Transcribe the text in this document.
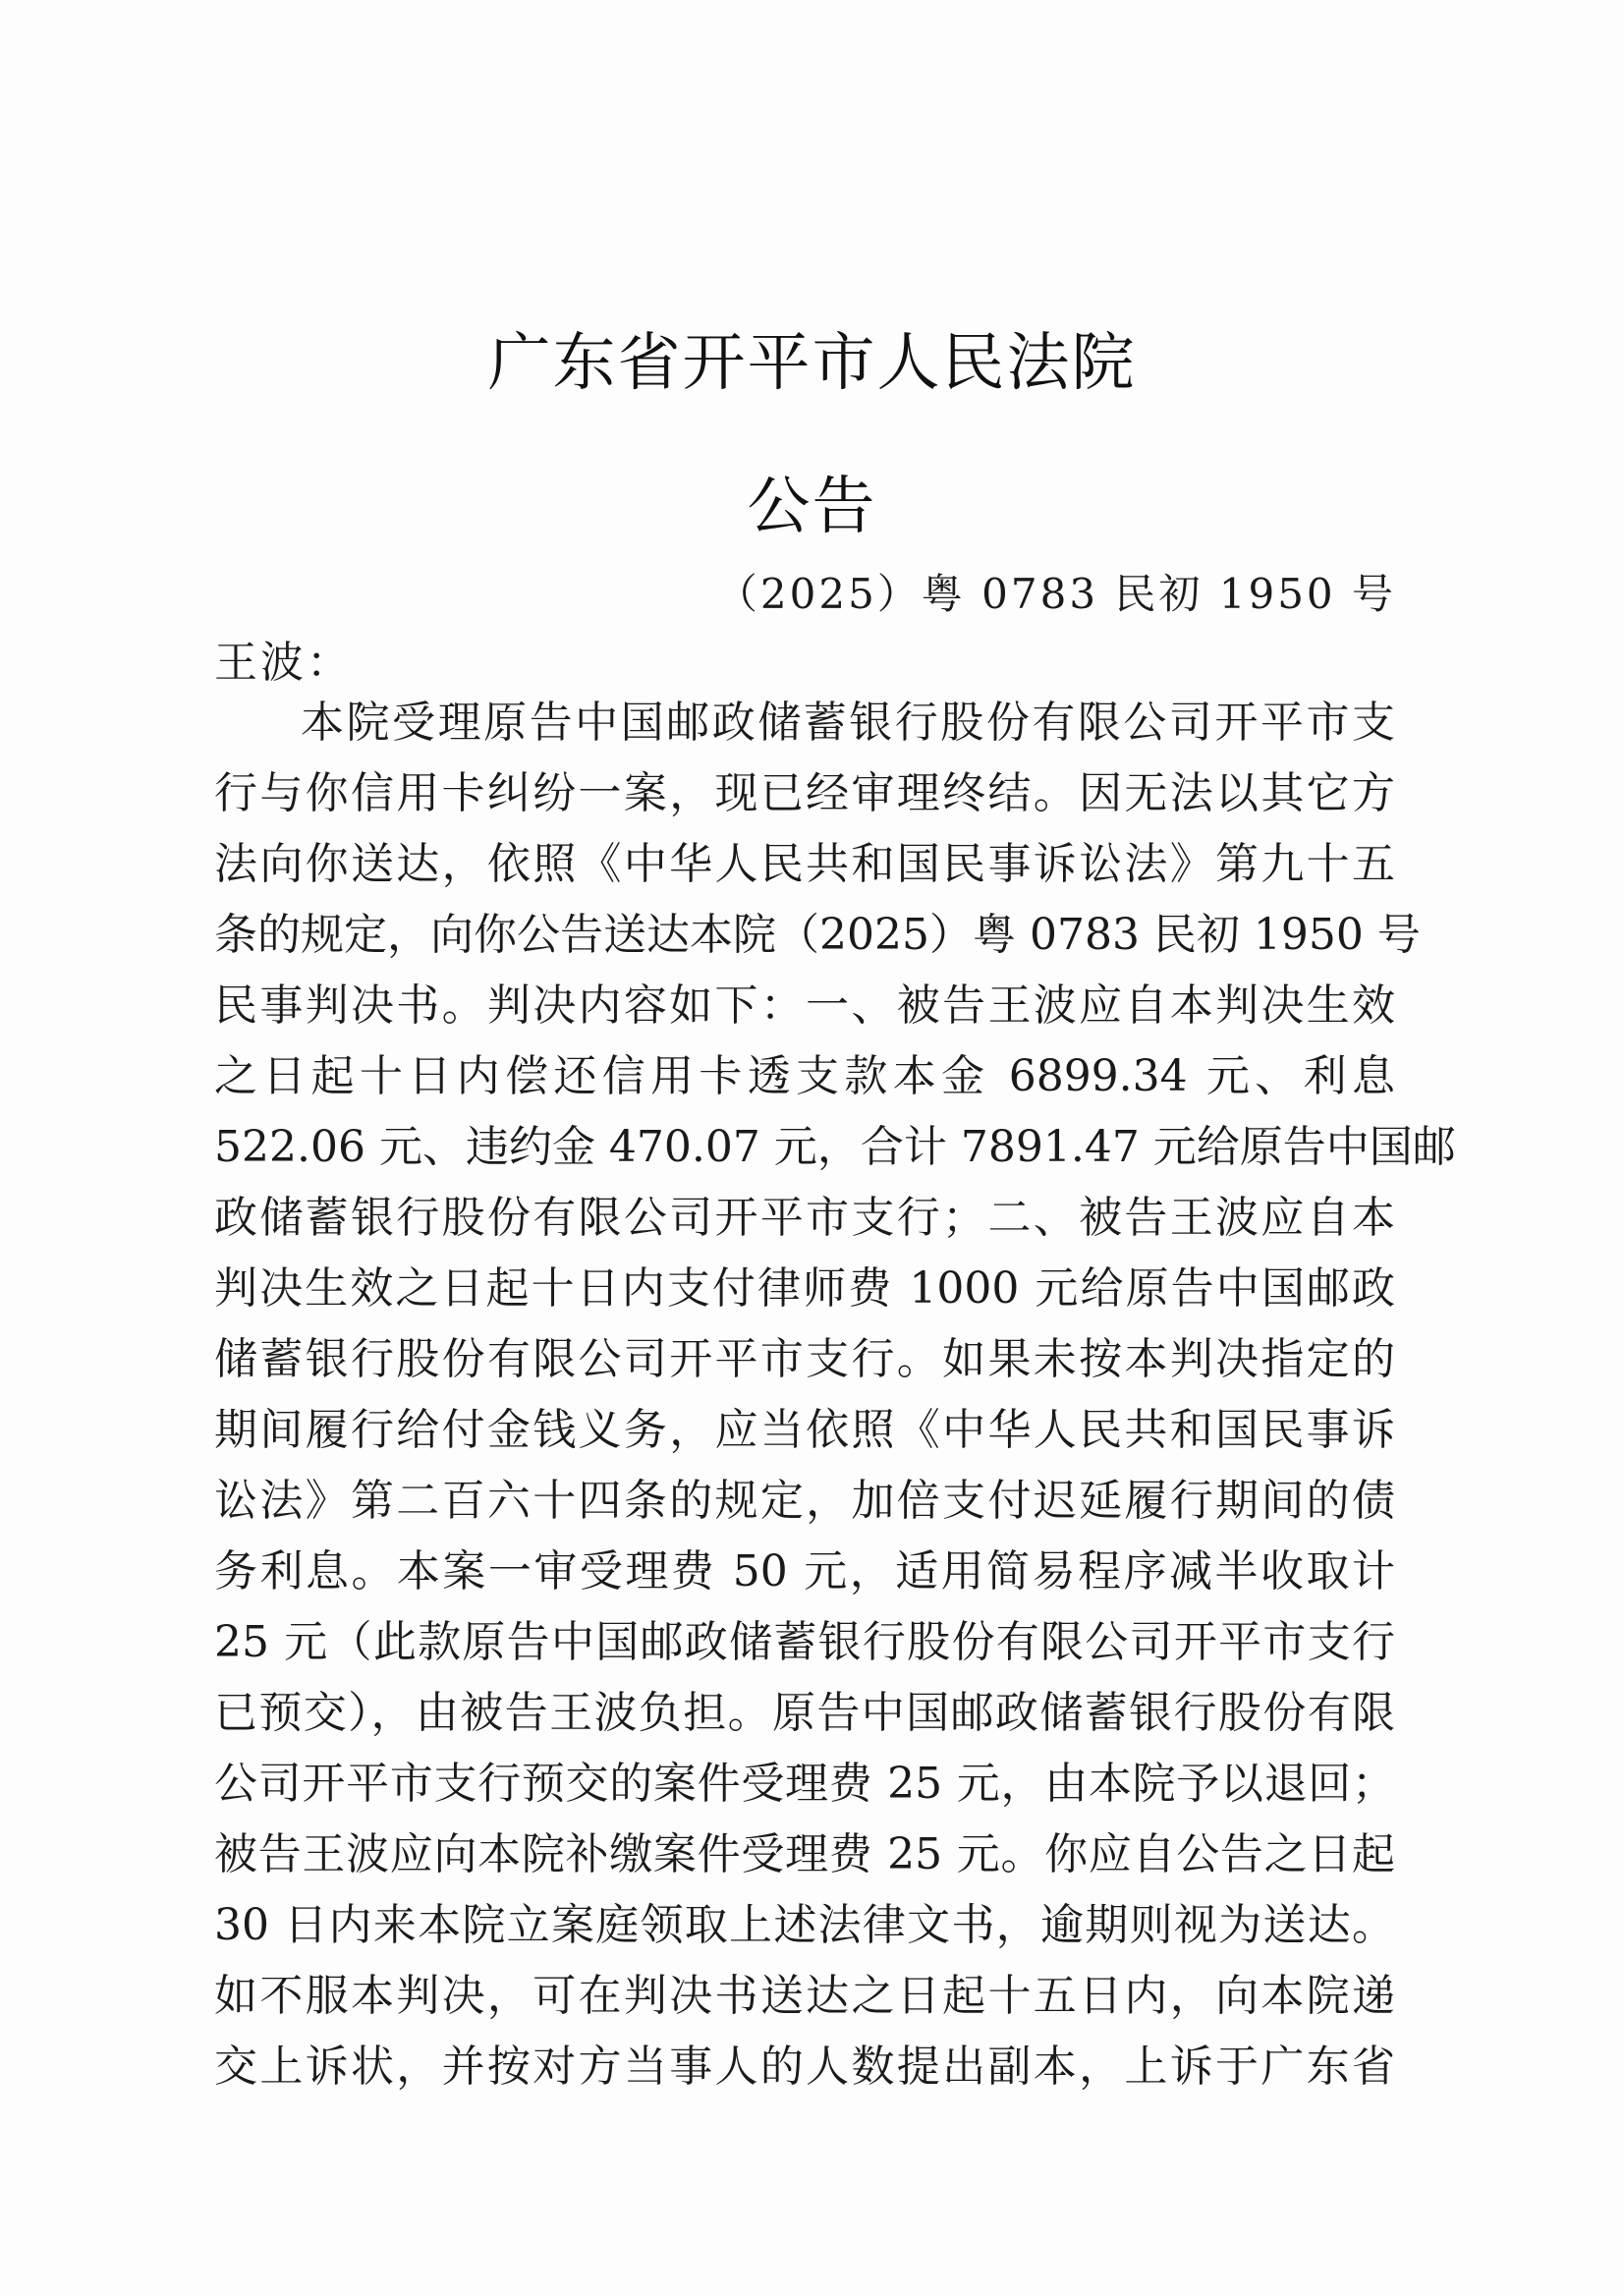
广东省开平市人民法院
公告
（2025）粤 0783 民初 1950 号
王波：
本院受理原告中国邮政储蓄银行股份有限公司开平市支
行与你信用卡纠纷一案，现已经审理终结。因无法以其它方
法向你送达，依照《中华人民共和国民事诉讼法》第九十五
条的规定，向你公告送达本院（2025）粤 0783 民初 1950 号
民事判决书。判决内容如下：一、被告王波应自本判决生效
之日起十日内偿还信用卡透支款本金 6899.34 元、利息
522.06 元、违约金 470.07 元，合计 7891.47 元给原告中国邮
政储蓄银行股份有限公司开平市支行；二、被告王波应自本
判决生效之日起十日内支付律师费 1000 元给原告中国邮政
储蓄银行股份有限公司开平市支行。如果未按本判决指定的
期间履行给付金钱义务，应当依照《中华人民共和国民事诉
讼法》第二百六十四条的规定，加倍支付迟延履行期间的债
务利息。本案一审受理费 50 元，适用简易程序减半收取计
25 元（此款原告中国邮政储蓄银行股份有限公司开平市支行
已预交），由被告王波负担。原告中国邮政储蓄银行股份有限
公司开平市支行预交的案件受理费 25 元，由本院予以退回；
被告王波应向本院补缴案件受理费 25 元。你应自公告之日起
30 日内来本院立案庭领取上述法律文书，逾期则视为送达。
如不服本判决，可在判决书送达之日起十五日内，向本院递
交上诉状，并按对方当事人的人数提出副本，上诉于广东省
